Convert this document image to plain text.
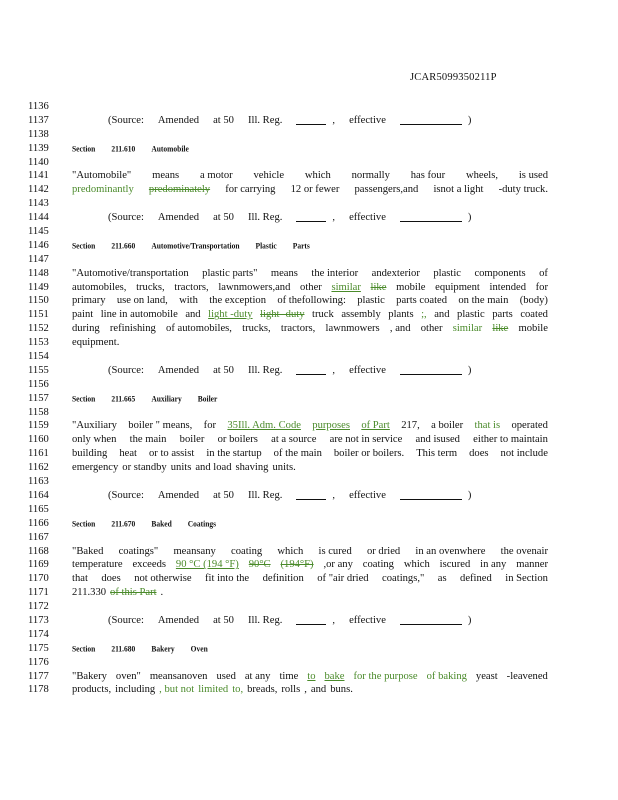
JCAR5099350211P
1136
1137	(Source: Amended at 50 Ill. Reg.	, effective	)
1138
1139	Section 211.610 Automobile
1140
1141	"Automobile" means a motor vehicle which normally has four wheels, is used
1142	predominantly predominately for carrying 12 or fewer passengers,and isnot a light -duty truck.
1143
1144	(Source: Amended at 50 Ill. Reg.	, effective	)
1145
1146	Section 211.660 Automotive/Transportation Plastic Parts
1147
1148	"Automotive/transportation plastic parts" means the interior andexterior plastic components of
1149	automobiles, trucks, tractors, lawnmowers,and other similar like mobile equipment intended for
1150	primary use on land, with the exception of thefollowing: plastic parts coated on the main (body)
1151	paint line in automobile and light -duty light -duty truck assembly plants ;, and plastic parts coated
1152	during refinishing of automobiles, trucks, tractors, lawnmowers , and other similar like mobile
1153	equipment.
1154
1155	(Source: Amended at 50 Ill. Reg.	, effective	)
1156
1157	Section 211.665 Auxiliary Boiler
1158
1159	"Auxiliary boiler " means, for 35Ill. Adm. Code purposes of Part 217, a boiler that is operated
1160	only when the main boiler or boilers at a source are not in service and isused either to maintain
1161	building heat or to assist in the startup of the main boiler or boilers. This term does not include
1162	emergency or standby units and load shaving units.
1163
1164	(Source: Amended at 50 Ill. Reg.	, effective	)
1165
1166	Section 211.670 Baked Coatings
1167
1168	"Baked coatings" meansany coating which is cured or dried in an ovenwhere the ovenair
1169	temperature exceeds 90 °C (194 °F) 90°C (194°F) ,or any coating which iscured in any manner
1170	that does not otherwise fit into the definition of "air dried coatings," as defined in Section
1171	211.330 of this Part .
1172
1173	(Source: Amended at 50 Ill. Reg.	, effective	)
1174
1175	Section 211.680 Bakery Oven
1176
1177	"Bakery oven" meansanoven used at any time to bake for the purpose of baking yeast -leavened
1178	products, including , but not limited to, breads, rolls , and buns.
